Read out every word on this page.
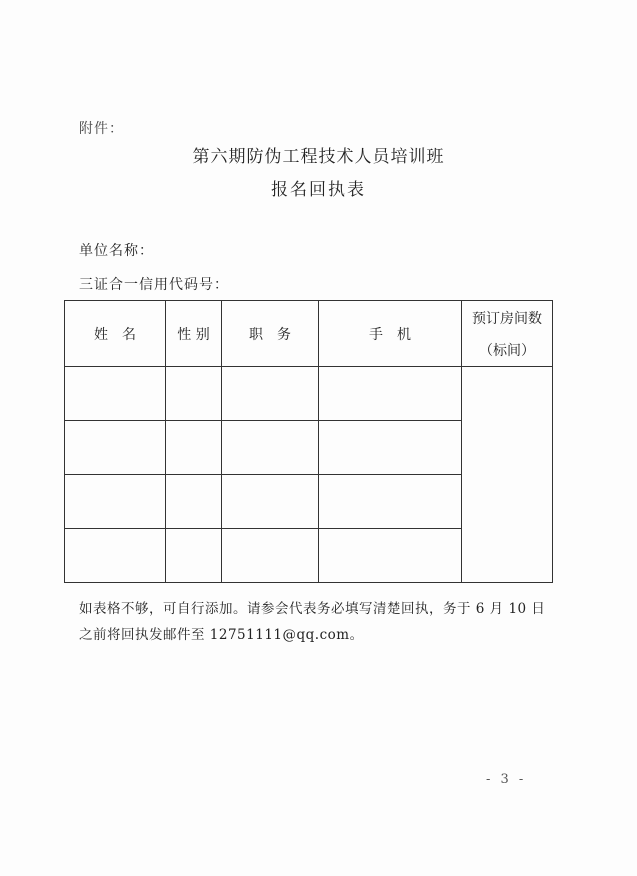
附件：
第六期防伪工程技术人员培训班
报名回执表
单位名称：
三证合一信用代码号：
姓　名	性 别	职　务	手　机	预订房间数
（标间）

如表格不够，可自行添加。请参会代表务必填写清楚回执，务于 6 月 10 日之前将回执发邮件至 12751111@qq.com。
- 3 -
